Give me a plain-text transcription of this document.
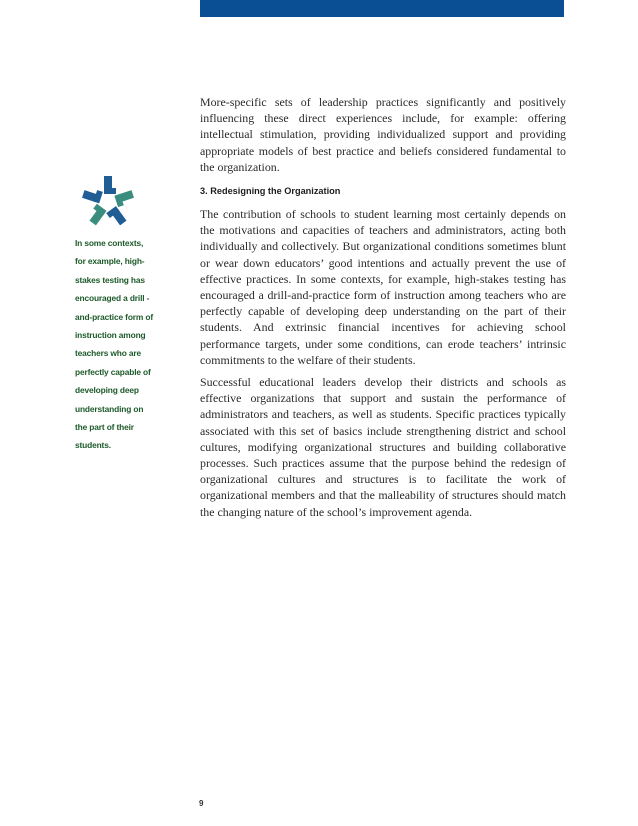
In some contexts,
for example, high-
stakes testing has
encouraged a drill -
and-practice form of
instruction among
teachers who are
perfectly capable of
developing deep
understanding on
the part of their
students.

More-specific sets of leadership practices significantly and positively influencing these direct experiences include, for example: offering intellectual stimulation, providing individualized support and providing appropriate models of best practice and beliefs considered fundamental to the organization.

3. Redesigning the Organization

The contribution of schools to student learning most certainly depends on the motivations and capacities of teachers and administrators, acting both individually and collectively. But organizational conditions sometimes blunt or wear down educators’ good intentions and actually prevent the use of effective practices. In some contexts, for example, high-stakes testing has encouraged a drill-and-practice form of instruction among teachers who are perfectly capable of developing deep understanding on the part of their students. And extrinsic financial incentives for achieving school performance targets, under some conditions, can erode teachers’ intrinsic commitments to the welfare of their students.

Successful educational leaders develop their districts and schools as effective organizations that support and sustain the performance of administrators and teachers, as well as students. Specific practices typically associated with this set of basics include strengthening district and school cultures, modifying organizational structures and building collaborative processes. Such practices assume that the purpose behind the redesign of organizational cultures and structures is to facilitate the work of organizational members and that the malleability of structures should match the changing nature of the school’s improvement agenda.

9
